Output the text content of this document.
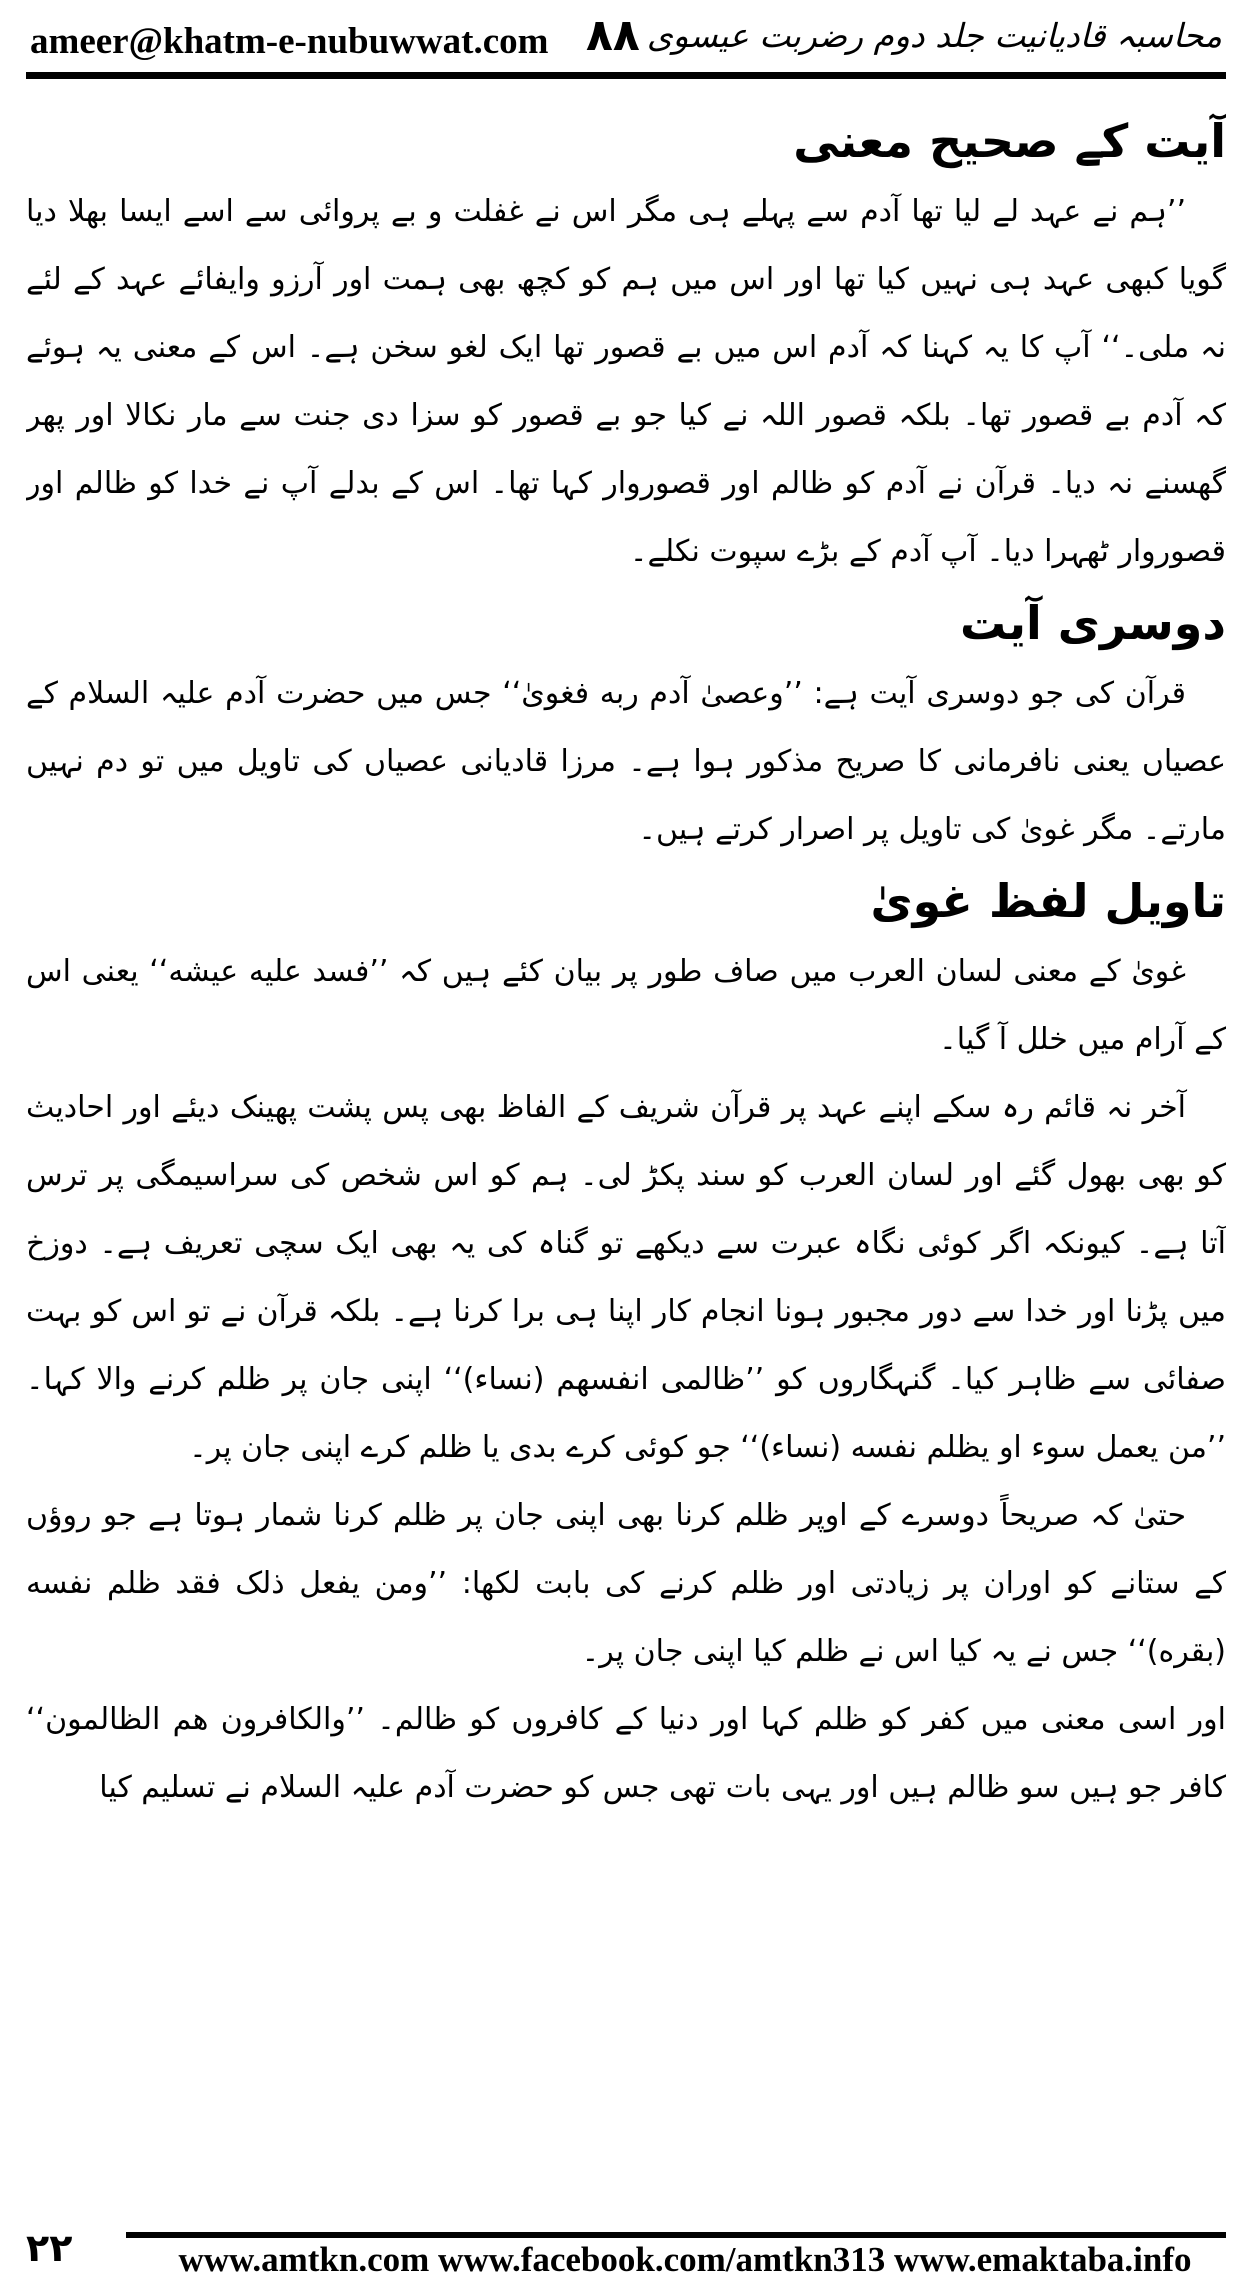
ameer@khatm-e-nubuwwat.com ۸۸ محاسبہ قادیانیت جلد دوم رضربت عیسوی
آیت کے صحیح معنی

’’ہم نے عہد لے لیا تھا آدم سے پہلے ہی مگر اس نے غفلت و بے پروائی سے اسے ایسا بھلا دیا گویا کبھی عہد ہی نہیں کیا تھا اور اس میں ہم کو کچھ بھی ہمت اور آرزو وایفائے عہد کے لئے نہ ملی۔‘‘ آپ کا یہ کہنا کہ آدم اس میں بے قصور تھا ایک لغو سخن ہے۔ اس کے معنی یہ ہوئے کہ آدم بے قصور تھا۔ بلکہ قصور اللہ نے کیا جو بے قصور کو سزا دی جنت سے مار نکالا اور پھر گھسنے نہ دیا۔ قرآن نے آدم کو ظالم اور قصوروار کہا تھا۔ اس کے بدلے آپ نے خدا کو ظالم اور قصوروار ٹھہرا دیا۔ آپ آدم کے بڑے سپوت نکلے۔

دوسری آیت

قرآن کی جو دوسری آیت ہے: ’’وعصیٰ آدم ربه فغویٰ‘‘ جس میں حضرت آدم علیہ السلام کے عصیاں یعنی نافرمانی کا صریح مذکور ہوا ہے۔ مرزا قادیانی عصیاں کی تاویل میں تو دم نہیں مارتے۔ مگر غویٰ کی تاویل پر اصرار کرتے ہیں۔

تاویل لفظ غویٰ

غویٰ کے معنی لسان العرب میں صاف طور پر بیان کئے ہیں کہ ’’فسد علیه عیشه‘‘ یعنی اس کے آرام میں خلل آ گیا۔

آخر نہ قائم رہ سکے اپنے عہد پر قرآن شریف کے الفاظ بھی پس پشت پھینک دیئے اور احادیث کو بھی بھول گئے اور لسان العرب کو سند پکڑ لی۔ ہم کو اس شخص کی سراسیمگی پر ترس آتا ہے۔ کیونکہ اگر کوئی نگاہ عبرت سے دیکھے تو گناہ کی یہ بھی ایک سچی تعریف ہے۔ دوزخ میں پڑنا اور خدا سے دور مجبور ہونا انجام کار اپنا ہی برا کرنا ہے۔ بلکہ قرآن نے تو اس کو بہت صفائی سے ظاہر کیا۔ گنہگاروں کو ’’ظالمی انفسهم (نساء)‘‘ اپنی جان پر ظلم کرنے والا کہا۔ ’’من یعمل سوء او یظلم نفسه (نساء)‘‘ جو کوئی کرے بدی یا ظلم کرے اپنی جان پر۔

حتیٰ کہ صریحاً دوسرے کے اوپر ظلم کرنا بھی اپنی جان پر ظلم کرنا شمار ہوتا ہے جو روؤں کے ستانے کو اوران پر زیادتی اور ظلم کرنے کی بابت لکھا: ’’ومن یفعل ذلک فقد ظلم نفسه (بقره)‘‘ جس نے یہ کیا اس نے ظلم کیا اپنی جان پر۔

اور اسی معنی میں کفر کو ظلم کہا اور دنیا کے کافروں کو ظالم۔ ’’والکافرون هم الظالمون‘‘ کافر جو ہیں سو ظالم ہیں اور یہی بات تھی جس کو حضرت آدم علیہ السلام نے تسلیم کیا

۲۲	www.amtkn.com www.facebook.com/amtkn313 www.emaktaba.info
